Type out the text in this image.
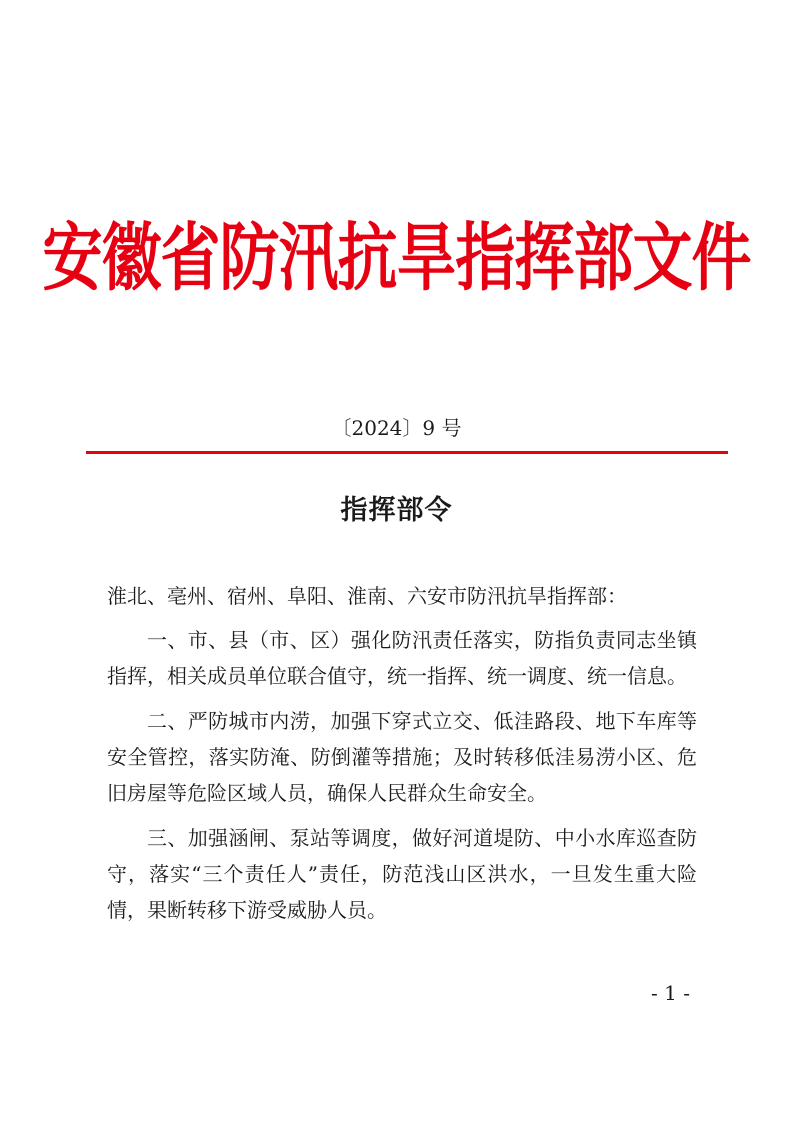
安徽省防汛抗旱指挥部文件
〔2024〕9 号
指挥部令

淮北、亳州、宿州、阜阳、淮南、六安市防汛抗旱指挥部：

一、市、县（市、区）强化防汛责任落实，防指负责同志坐镇指挥，相关成员单位联合值守，统一指挥、统一调度、统一信息。

二、严防城市内涝，加强下穿式立交、低洼路段、地下车库等安全管控，落实防淹、防倒灌等措施；及时转移低洼易涝小区、危旧房屋等危险区域人员，确保人民群众生命安全。

三、加强涵闸、泵站等调度，做好河道堤防、中小水库巡查防守，落实“三个责任人”责任，防范浅山区洪水，一旦发生重大险情，果断转移下游受威胁人员。

- 1 -
